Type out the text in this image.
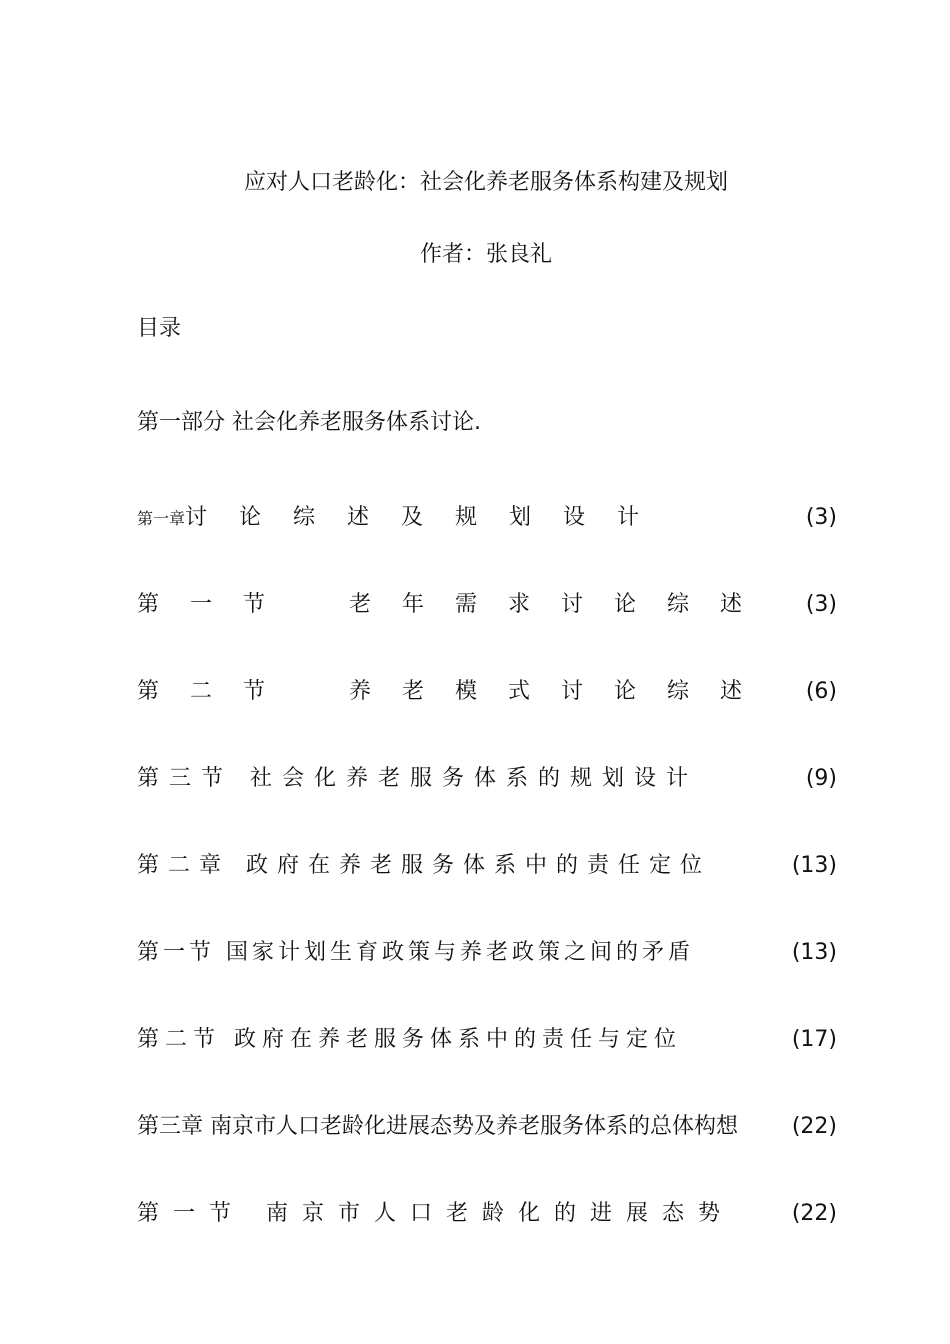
应对人口老龄化：社会化养老服务体系构建及规划
作者：张良礼
目录
第一部分 社会化养老服务体系讨论.
第一章讨论综述及规划设计	(3)
第一节　老年需求讨论综述 (3)
第二节　养老模式讨论综述 (6)
第三节 社会化养老服务体系的规划设计	(9)
第二章 政府在养老服务体系中的责任定位	(13)
第一节 国家计划生育政策与养老政策之间的矛盾	(13)
第二节 政府在养老服务体系中的责任与定位	(17)
第三章 南京市人口老龄化进展态势及养老服务体系的总体构想 (22)
第一节 南京市人口老龄化的进展态势	(22)
